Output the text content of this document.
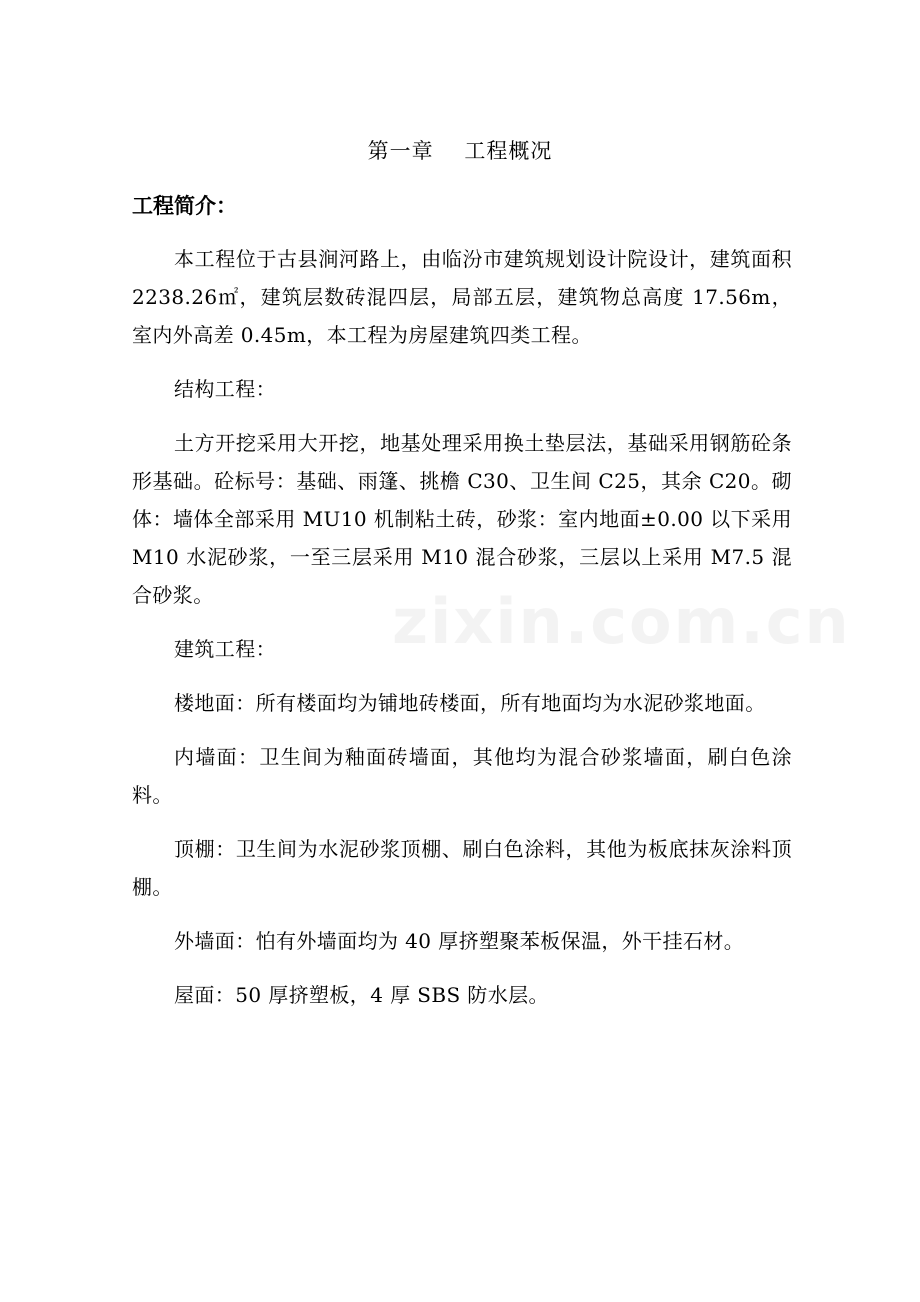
第一章    工程概况
工程简介：

本工程位于古县涧河路上，由临汾市建筑规划设计院设计，建筑面积 2238.26㎡，建筑层数砖混四层，局部五层，建筑物总高度 17.56m，室内外高差 0.45m，本工程为房屋建筑四类工程。

结构工程：

土方开挖采用大开挖，地基处理采用换土垫层法，基础采用钢筋砼条形基础。砼标号：基础、雨篷、挑檐 C30、卫生间 C25，其余 C20。砌体：墙体全部采用 MU10 机制粘土砖，砂浆：室内地面±0.00 以下采用 M10 水泥砂浆，一至三层采用 M10 混合砂浆，三层以上采用 M7.5 混合砂浆。

建筑工程：

楼地面：所有楼面均为铺地砖楼面，所有地面均为水泥砂浆地面。

内墙面：卫生间为釉面砖墙面，其他均为混合砂浆墙面，刷白色涂料。

顶棚：卫生间为水泥砂浆顶棚、刷白色涂料，其他为板底抹灰涂料顶棚。

外墙面：怕有外墙面均为 40 厚挤塑聚苯板保温，外干挂石材。

屋面：50 厚挤塑板，4 厚 SBS 防水层。

zixin.com.cn
